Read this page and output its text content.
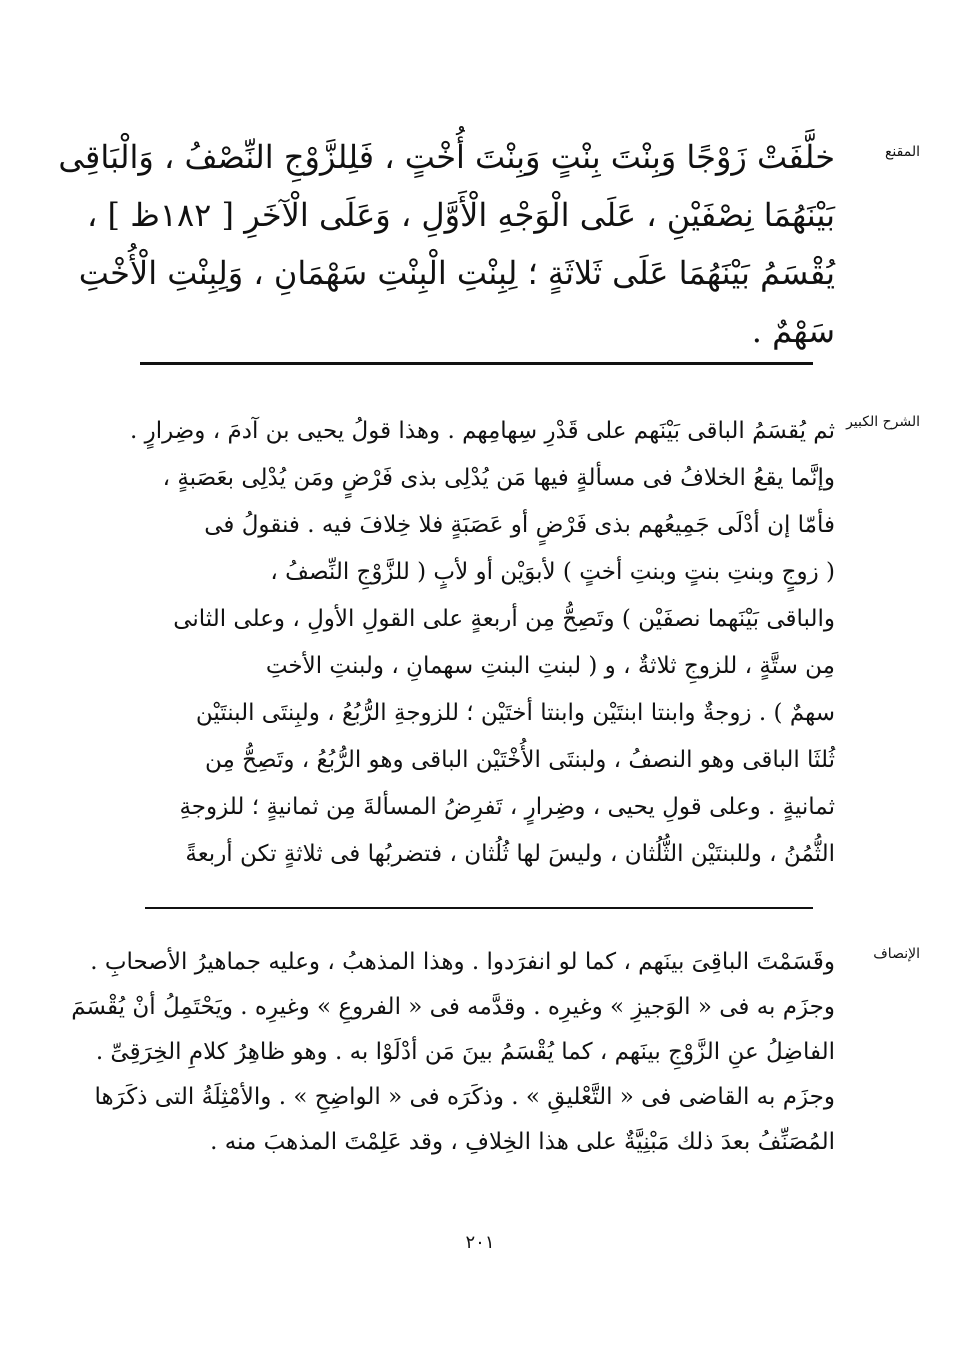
المقنع
خلَّفَتْ زَوْجًا وَبِنْتَ بِنْتٍ وَبِنْتَ أُخْتٍ ، فَلِلزَّوْجِ النِّصْفُ ، وَالْبَاقِى
بَيْنَهُمَا نِصْفَيْنِ ، عَلَى الْوَجْهِ الْأَوَّلِ ، وَعَلَى الْآخَرِ [ ١٨٢ظ ] ،
يُقْسَمُ بَيْنَهُمَا عَلَى ثَلاثَةٍ ؛ لِبِنْتِ الْبِنْتِ سَهْمَانِ ، وَلِبِنْتِ الْأُخْتِ
سَهْمٌ .
الشرح الكبير
ثم يُقسَمُ الباقى بَيْنَهم على قَدْرِ سِهامِهم . وهذا قولُ يحيى بن آدمَ ، وضِرارٍ .
وإنَّما يقعُ الخلافُ فى مسألةٍ فيها مَن يُدْلِى بذى فَرْضٍ ومَن يُدْلِى بعَصَبةٍ ،
فأمّا إن أدْلَى جَمِيعُهم بذى فَرْضٍ أو عَصَبَةٍ فلا خِلافَ فيه . فنقولُ فى
( زوجٍ وبنتِ بنتٍ وبنتِ أختٍ ) لأبوَيْن أو لأبٍ ( للزَّوْجِ النِّصفُ ،
والباقى بَيْنَهما نصفَيْن ) وتَصِحُّ مِن أربعةٍ على القولِ الأولِ ، وعلى الثانى
مِن ستَّةٍ ، للزوجِ ثلاثةٌ ، و ( لبنتِ البنتِ سهمانِ ، ولبنتِ الأختِ
سهمٌ ) . زوجةٌ وابنتا ابنتَيْن وابنتا أختَيْن ؛ للزوجةِ الرُّبُعُ ، ولبِنتَى البنتَيْن
ثُلثَا الباقى وهو النصفُ ، ولبنتَى الأُخْتَيْن الباقى وهو الرُّبُعُ ، وتَصِحُّ مِن
ثمانيةٍ . وعلى قولِ يحيى ، وضِرارٍ ، تَفرِضُ المسألةَ مِن ثمانيةٍ ؛ للزوجةِ
الثُّمُنُ ، وللبنتَيْن الثُّلُثان ، وليسَ لها ثُلُثان ، فتضربُها فى ثلاثةٍ تكن أربعةً
الإنصاف
وقَسَمْتَ الباقِىَ بينَهم ، كما لو انفرَدوا . وهذا المذهبُ ، وعليه جماهيرُ الأصحابِ .
وجزَم به فى « الوَجيزِ » وغيرِه . وقدَّمه فى « الفروعِ » وغيرِه . ويَحْتَمِلُ أنْ يُقْسَمَ
الفاضِلُ عنِ الزَّوْجِ بينَهم ، كما يُقْسَمُ بينَ مَن أدْلَوْا به . وهو ظاهِرُ كلامِ الخِرَقِىِّ .
وجزَم به القاضى فى « التَّعْليقِ » . وذكَرَه فى « الواضِحِ » . والأمْثِلَةُ التى ذكَرَها
المُصَنِّفُ بعدَ ذلك مَبْنِيَّةٌ على هذا الخِلافِ ، وقد عَلِمْتَ المذهبَ منه .
٢٠١
